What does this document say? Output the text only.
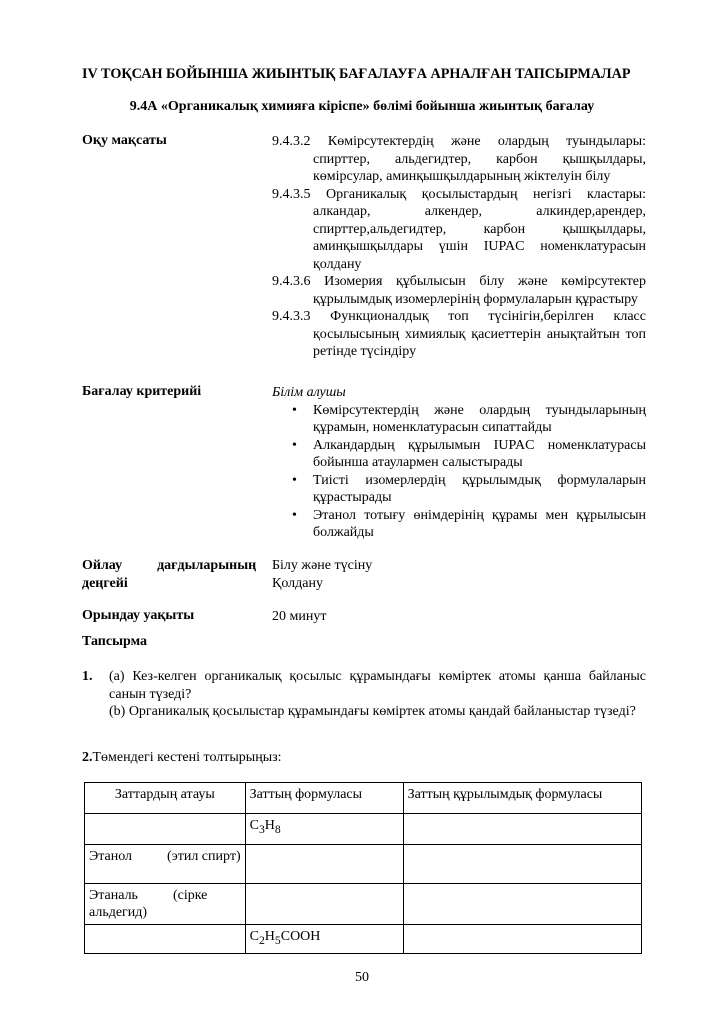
IV ТОҚСАН БОЙЫНША ЖИЫНТЫҚ БАҒАЛАУҒА АРНАЛҒАН ТАПСЫРМАЛАР
9.4А «Органикалық химияға кіріспе» бөлімі бойынша жиынтық бағалау
Оқу мақсаты	9.4.3.2 Көмірсутектердің және олардың туындылары:
спирттер, альдегидтер, карбон қышқылдары, көмірсулар, аминқышқылдарының жіктелуін білу
9.4.3.5 Органикалық қосылыстардың негізгі кластары:
алкандар, алкендер, алкиндер,арендер, спирттер,альдегидтер, карбон қышқылдары, аминқышқылдары үшін IUPAC номенклатурасын қолдану
9.4.3.6 Изомерия құбылысын білу және көмірсутектер
құрылымдық изомерлерінің формулаларын құрастыру
9.4.3.3 Функционалдық топ түсінігін,берілген класс
қосылысының химиялық қасиеттерін анықтайтын топ ретінде түсіндіру
Бағалау критерийі	Білім алушы
• Көмірсутектердің және олардың туындыларының құрамын, номенклатурасын сипаттайды
• Алкандардың құрылымын IUPAC номенклатурасы бойынша атаулармен салыстырады
• Тиісті изомерлердің құрылымдық формулаларын құрастырады
• Этанол тотығу өнімдерінің құрамы мен құрылысын болжайды
Ойлау          дағдыларының
деңгейі
Білу және түсіну
Қолдану
Орындау уақыты	20 минут
Тапсырма
1. (a) Кез-келген органикалық қосылыс құрамындағы көміртек атомы қанша байланыс санын түзеді?
(b) Органикалық қосылыстар құрамындағы көміртек атомы қандай байланыстар түзеді?
2.Төмендегі кестені толтырыңыз:
Заттардың атауы	Заттың формуласы	Заттың құрылымдық формуласы
	$C_3H_8$	

Этанол          (этил спирт)		

Этаналь          (сірке альдегид)		

	$C_2H_5COOH$	
50
